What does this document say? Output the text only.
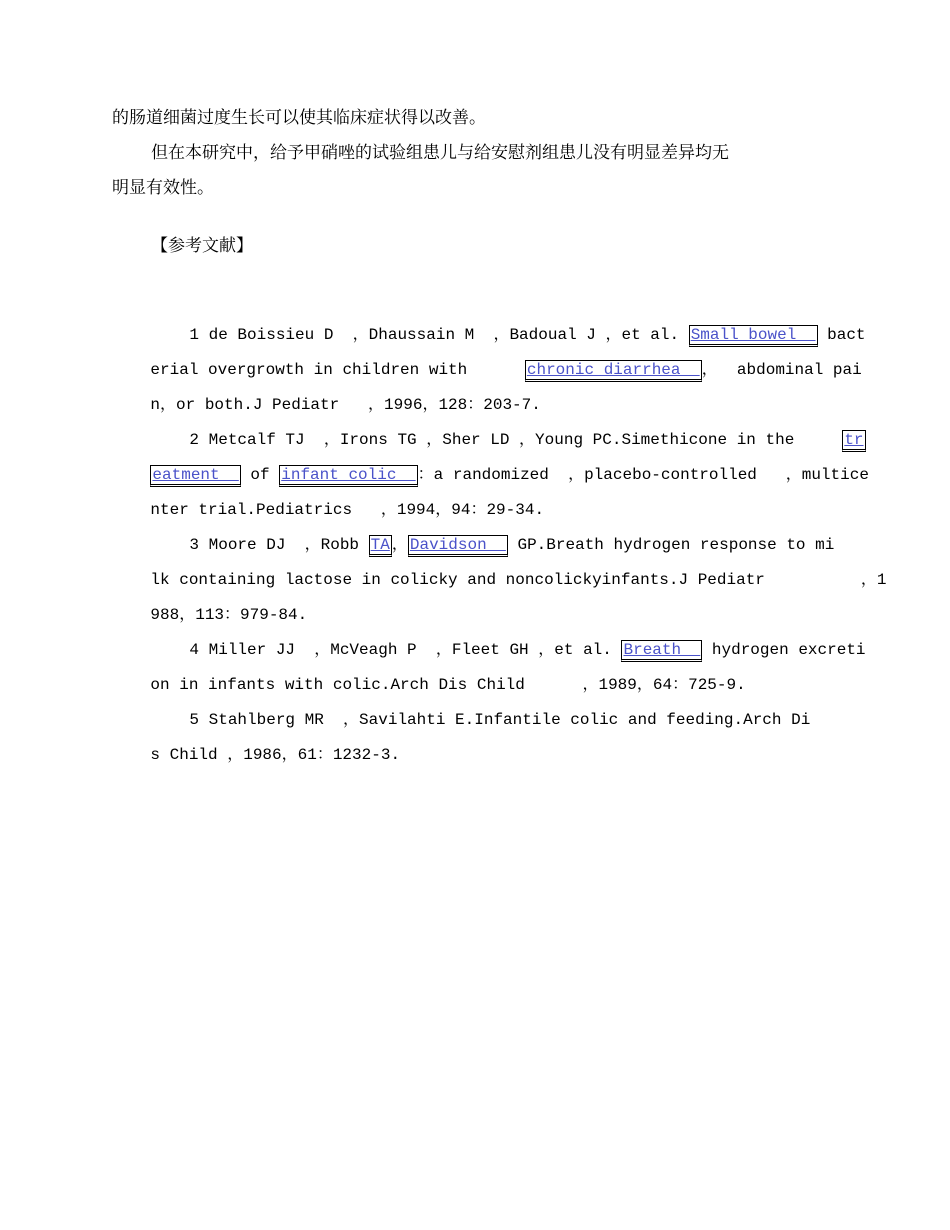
的肠道细菌过度生长可以使其临床症状得以改善。
但在本研究中，给予甲硝唑的试验组患儿与给安慰剂组患儿没有明显差异均无
明显有效性。
【参考文献】

1 de Boissieu D  ，Dhaussain M  ，Badoual J ，et al. Small bowel   bact

erial overgrowth in children with      chronic diarrhea  ，  abdominal pai

n，or both.J Pediatr   ，1996，128：203-7.

2 Metcalf TJ  ，Irons TG ，Sher LD ，Young PC.Simethicone in the     tr

eatment   of infant colic  ：a randomized  ，placebo-controlled   ，multice

nter trial.Pediatrics   ，1994，94：29-34.

3 Moore DJ  ，Robb TA ， Davidson   GP.Breath hydrogen response to mi

lk containing lactose in colicky and noncolickyinfants.J Pediatr          ，1

988，113：979-84.

4 Miller JJ  ，McVeagh P  ，Fleet GH ，et al. Breath   hydrogen excreti

on in infants with colic.Arch Dis Child      ，1989，64：725-9.

5 Stahlberg MR  ，Savilahti E.Infantile colic and feeding.Arch Di

s Child ，1986，61：1232-3.
